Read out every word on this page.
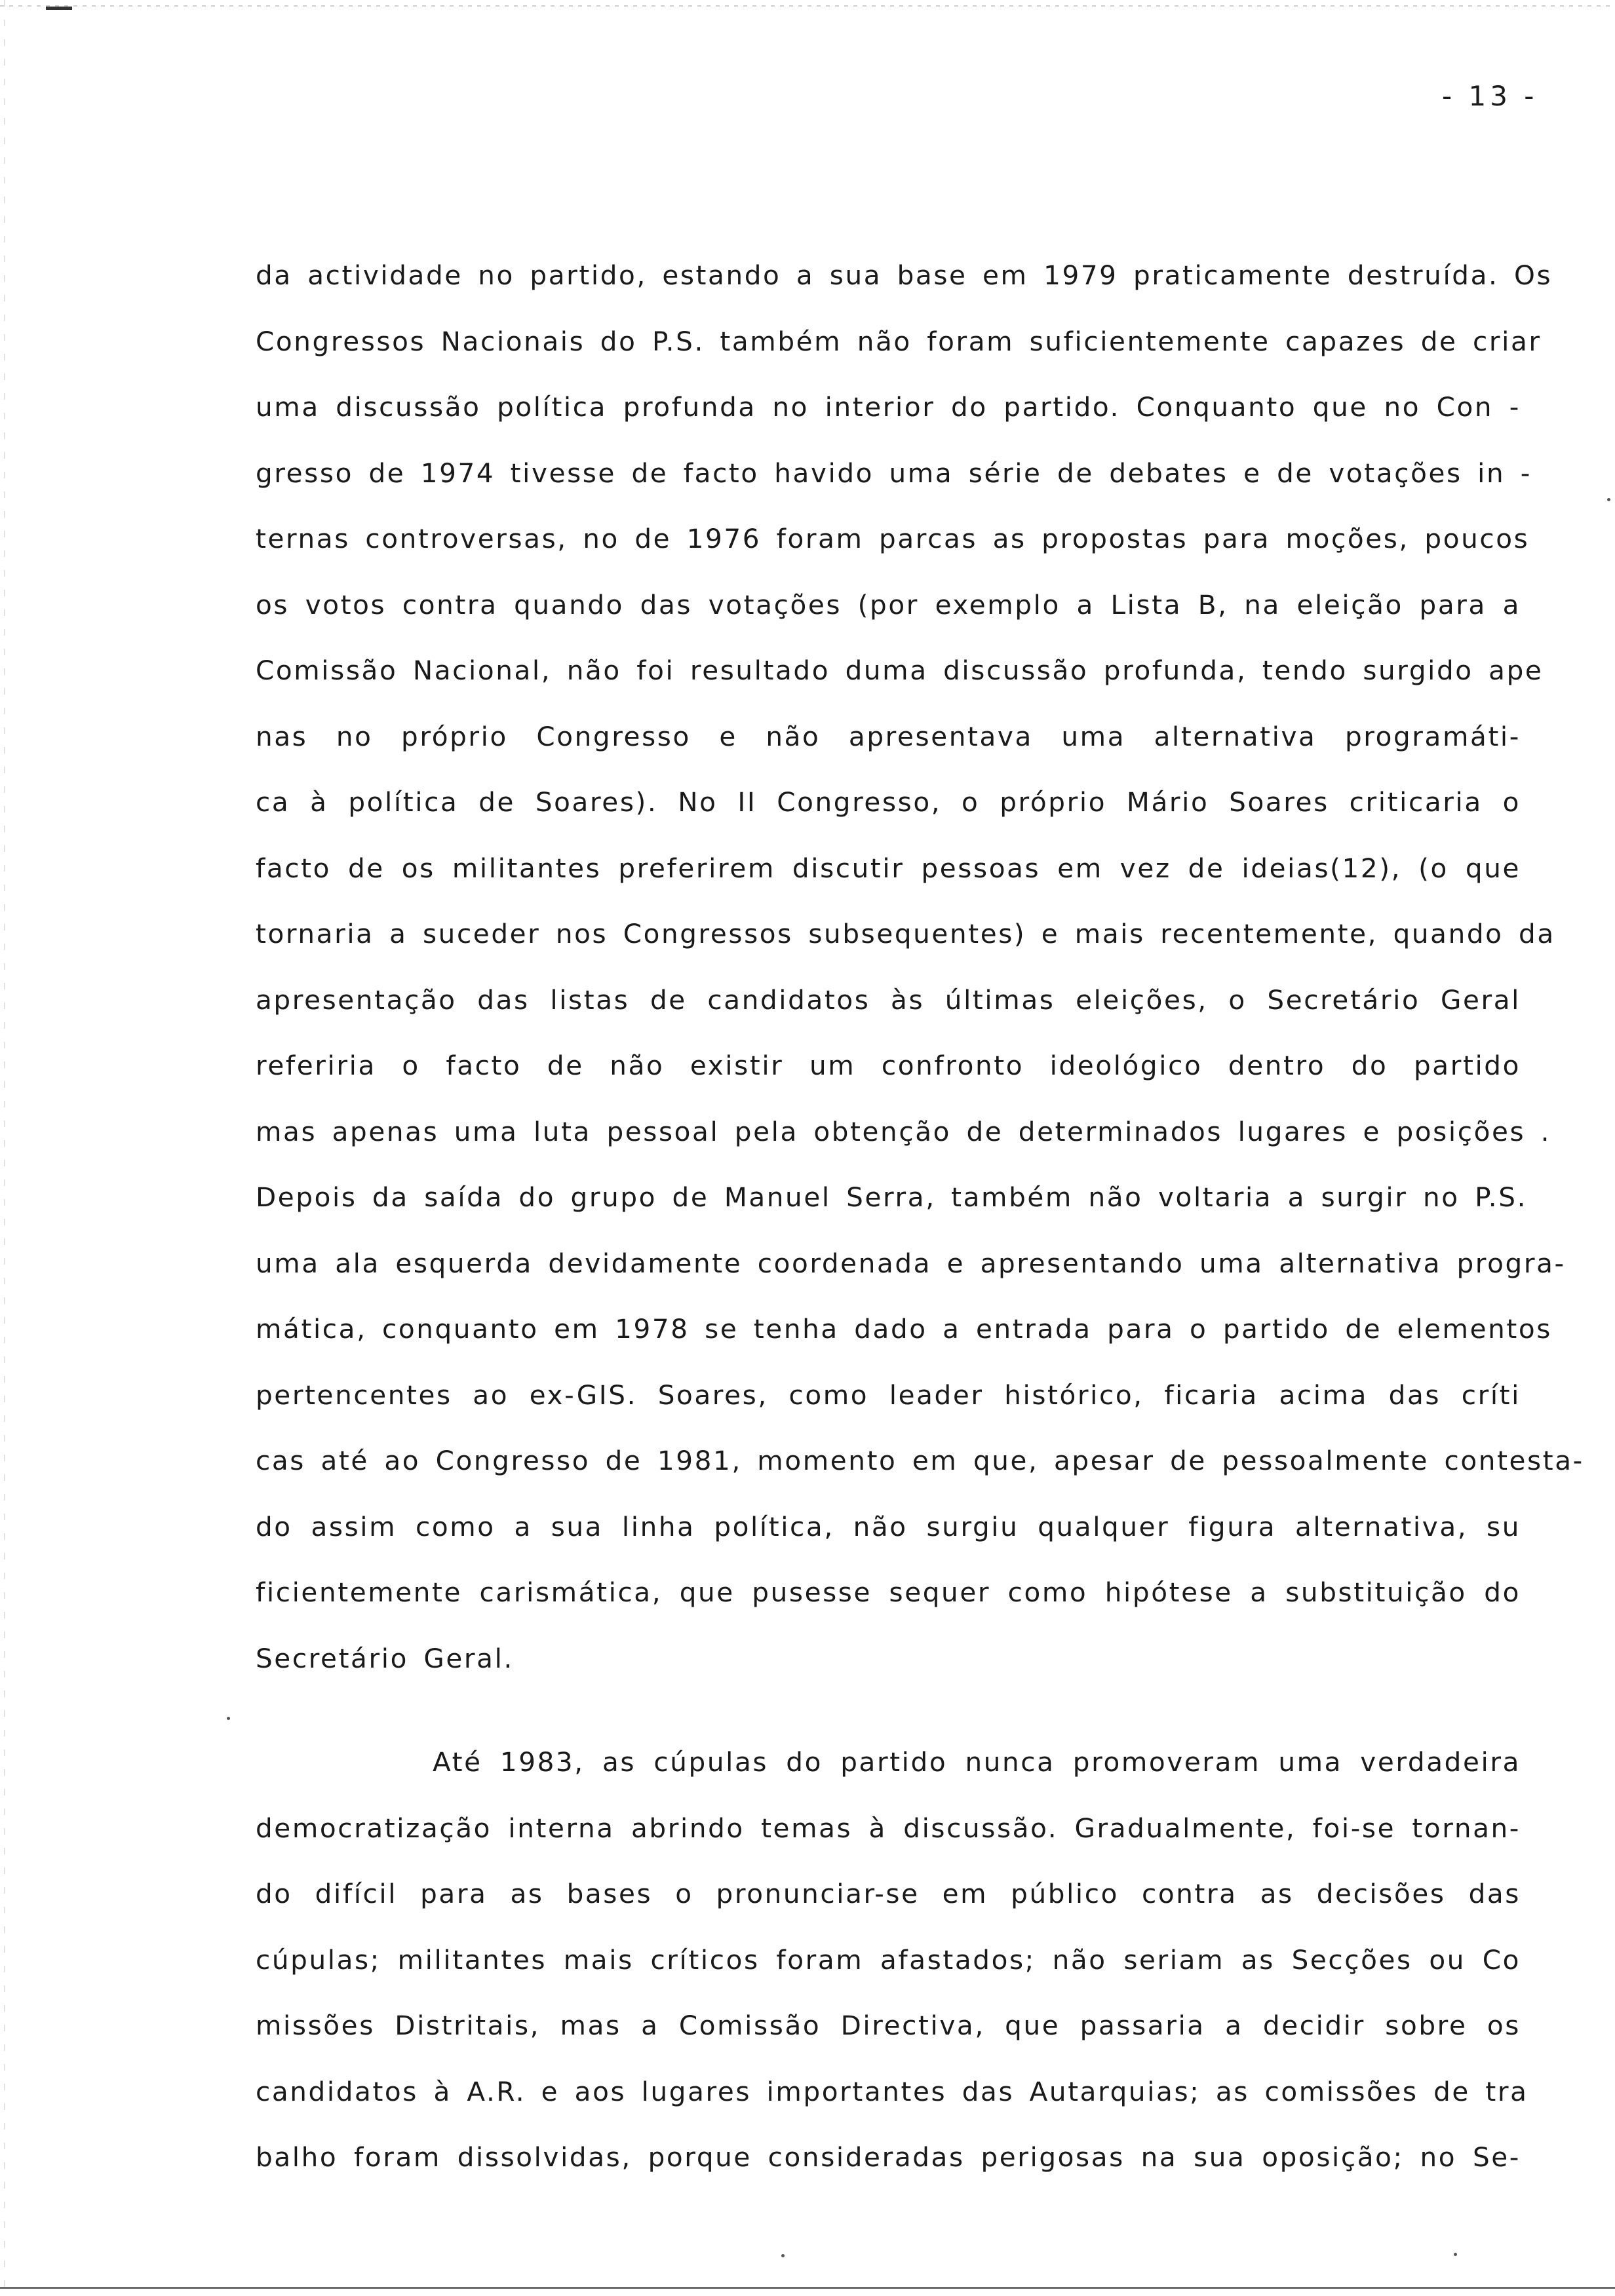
- 13 -
da actividade no partido, estando a sua base em 1979 praticamente destruída. Os
Congressos Nacionais do P.S. também não foram suficientemente capazes de criar
uma discussão política profunda no interior do partido. Conquanto que no Con -
gresso de 1974 tivesse de facto havido uma série de debates e de votações in -
ternas controversas, no de 1976 foram parcas as propostas para moções, poucos
os votos contra quando das votações (por exemplo a Lista B, na eleição para a
Comissão Nacional, não foi resultado duma discussão profunda, tendo surgido ape
nas no próprio Congresso e não apresentava uma alternativa programáti-
ca à política de Soares). No II Congresso, o próprio Mário Soares criticaria o
facto de os militantes preferirem discutir pessoas em vez de ideias(12), (o que
tornaria a suceder nos Congressos subsequentes) e mais recentemente, quando da
apresentação das listas de candidatos às últimas eleições, o Secretário Geral
referiria o facto de não existir um confronto ideológico dentro do partido
mas apenas uma luta pessoal pela obtenção de determinados lugares e posições .
Depois da saída do grupo de Manuel Serra, também não voltaria a surgir no P.S.
uma ala esquerda devidamente coordenada e apresentando uma alternativa progra-
mática, conquanto em 1978 se tenha dado a entrada para o partido de elementos
pertencentes ao ex-GIS. Soares, como leader histórico, ficaria acima das críti
cas até ao Congresso de 1981, momento em que, apesar de pessoalmente contesta-
do assim como a sua linha política, não surgiu qualquer figura alternativa, su
ficientemente carismática, que pusesse sequer como hipótese a substituição do
Secretário Geral.
Até 1983, as cúpulas do partido nunca promoveram uma verdadeira
democratização interna abrindo temas à discussão. Gradualmente, foi-se tornan-
do difícil para as bases o pronunciar-se em público contra as decisões das
cúpulas; militantes mais críticos foram afastados; não seriam as Secções ou Co
missões Distritais, mas a Comissão Directiva, que passaria a decidir sobre os
candidatos à A.R. e aos lugares importantes das Autarquias; as comissões de tra
balho foram dissolvidas, porque consideradas perigosas na sua oposição; no Se-
